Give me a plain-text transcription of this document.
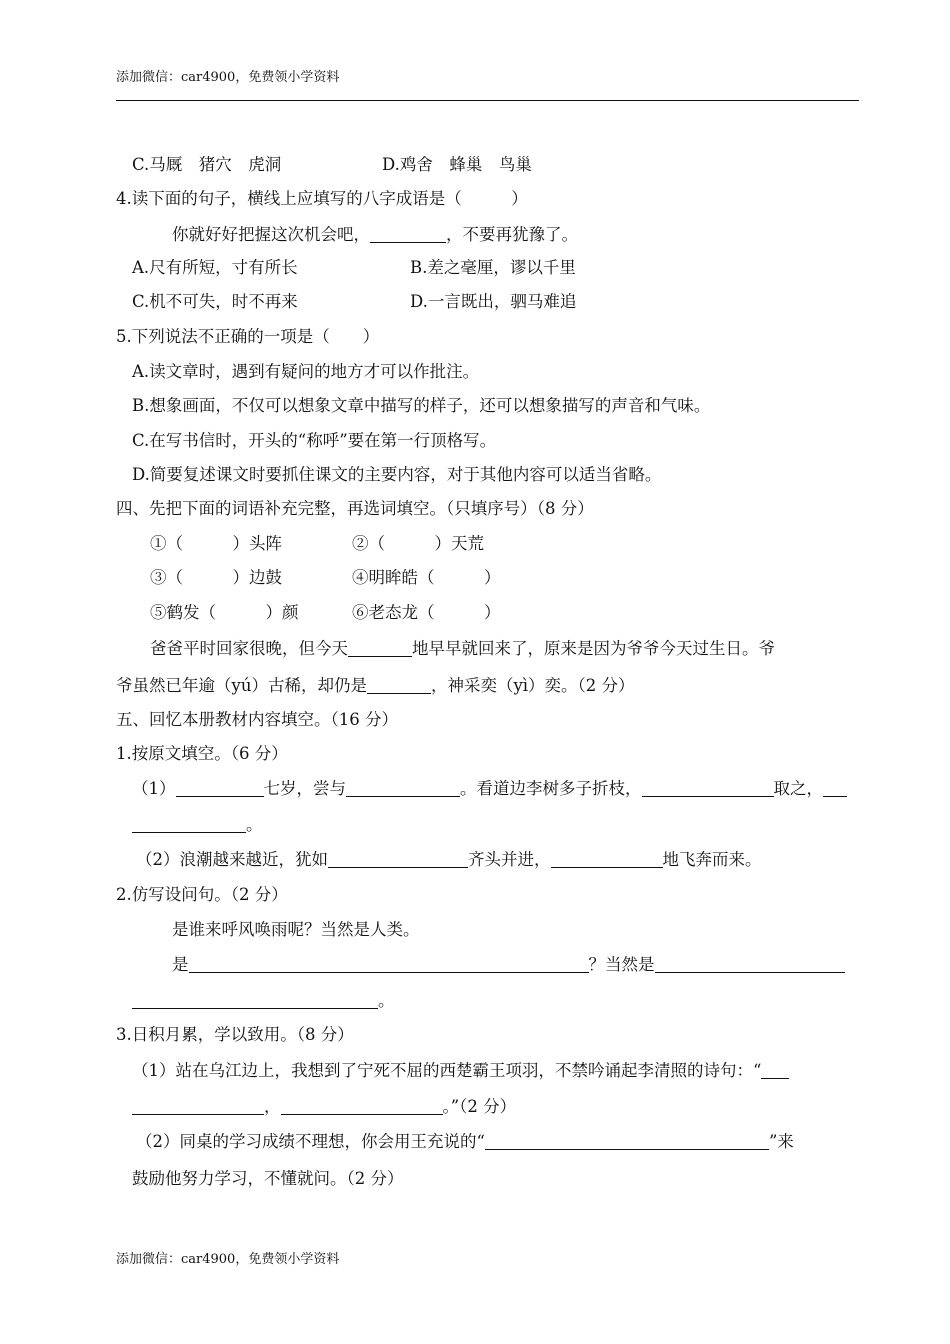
添加微信：car4900，免费领小学资料
C.马厩　猪穴　虎洞	D.鸡舍　蜂巢　鸟巢
4.读下面的句子，横线上应填写的八字成语是（　　　）
你就好好把握这次机会吧，	，不要再犹豫了。
A.尺有所短，寸有所长	B.差之毫厘，谬以千里
C.机不可失，时不再来	D.一言既出，驷马难追
5.下列说法不正确的一项是（　　）
A.读文章时，遇到有疑问的地方才可以作批注。
B.想象画面，不仅可以想象文章中描写的样子，还可以想象描写的声音和气味。
C.在写书信时，开头的“称呼”要在第一行顶格写。
D.简要复述课文时要抓住课文的主要内容，对于其他内容可以适当省略。
四、先把下面的词语补充完整，再选词填空。（只填序号）（8 分）
①（　　　）头阵	②（　　　）天荒
③（　　　）边鼓	④明眸皓（　　　）
⑤鹤发（　　　）颜	⑥老态龙（　　　）
爸爸平时回家很晚，但今天	地早早就回来了，原来是因为爷爷今天过生日。爷
爷虽然已年逾（yú）古稀，却仍是	，神采奕（yì）奕。（2 分）
五、回忆本册教材内容填空。（16 分）
1.按原文填空。（6 分）
（1）	七岁，尝与	。看道边李树多子折枝，	取之，
。
（2）浪潮越来越近，犹如	齐头并进，	地飞奔而来。
2.仿写设问句。（2 分）
是谁来呼风唤雨呢？当然是人类。
是	？当然是
。
3.日积月累，学以致用。（8 分）
（1）站在乌江边上，我想到了宁死不屈的西楚霸王项羽，不禁吟诵起李清照的诗句：“
，	。”（2 分）
（2）同桌的学习成绩不理想，你会用王充说的“	”来
鼓励他努力学习，不懂就问。（2 分）
添加微信：car4900，免费领小学资料
